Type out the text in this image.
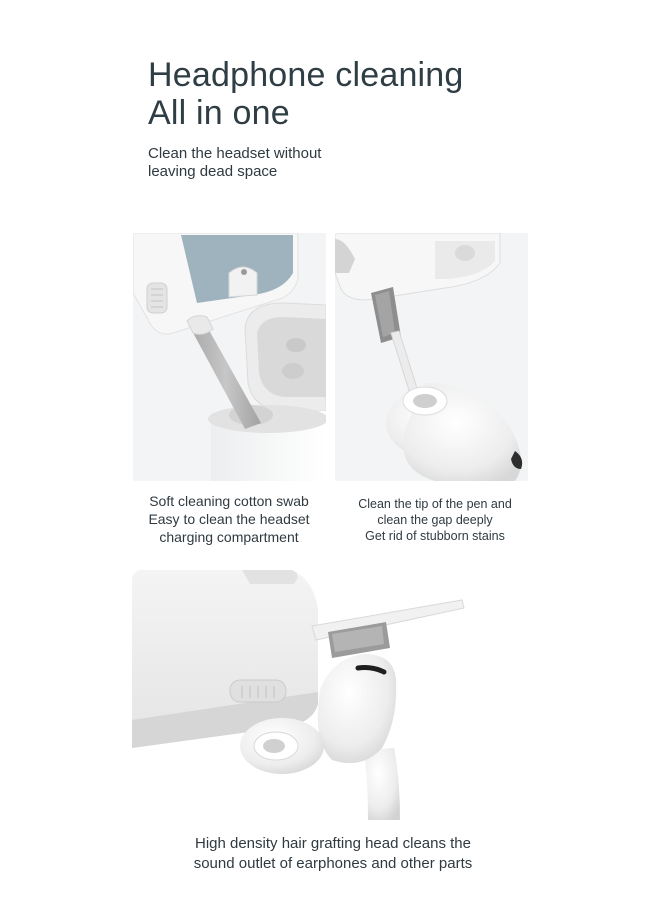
Headphone cleaning
All in one
Clean the headset without
leaving dead space
Soft cleaning cotton swab
Easy to clean the headset
charging compartment
Clean the tip of the pen and
clean the gap deeply
Get rid of stubborn stains
High density hair grafting head cleans the
sound outlet of earphones and other parts
